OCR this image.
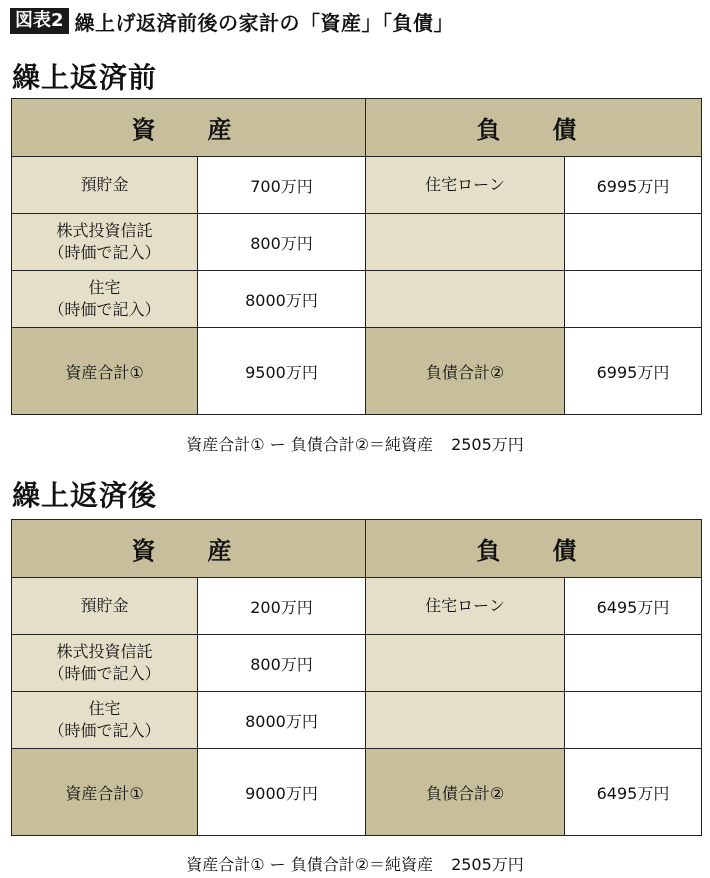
図表2 繰上げ返済前後の家計の「資産」「負債」
繰上返済前
資　産		負　債	
預貯金	700万円	住宅ローン	6995万円
株式投資信託
（時価で記入）	800万円		
住宅
（時価で記入）	8000万円		
資産合計①	9500万円	負債合計②	6995万円
資産合計① ー 負債合計②＝純資産 2505万円
繰上返済後
資　産		負　債	
預貯金	200万円	住宅ローン	6495万円
株式投資信託
（時価で記入）	800万円		
住宅
（時価で記入）	8000万円		
資産合計①	9000万円	負債合計②	6495万円
資産合計① ー 負債合計②＝純資産 2505万円
